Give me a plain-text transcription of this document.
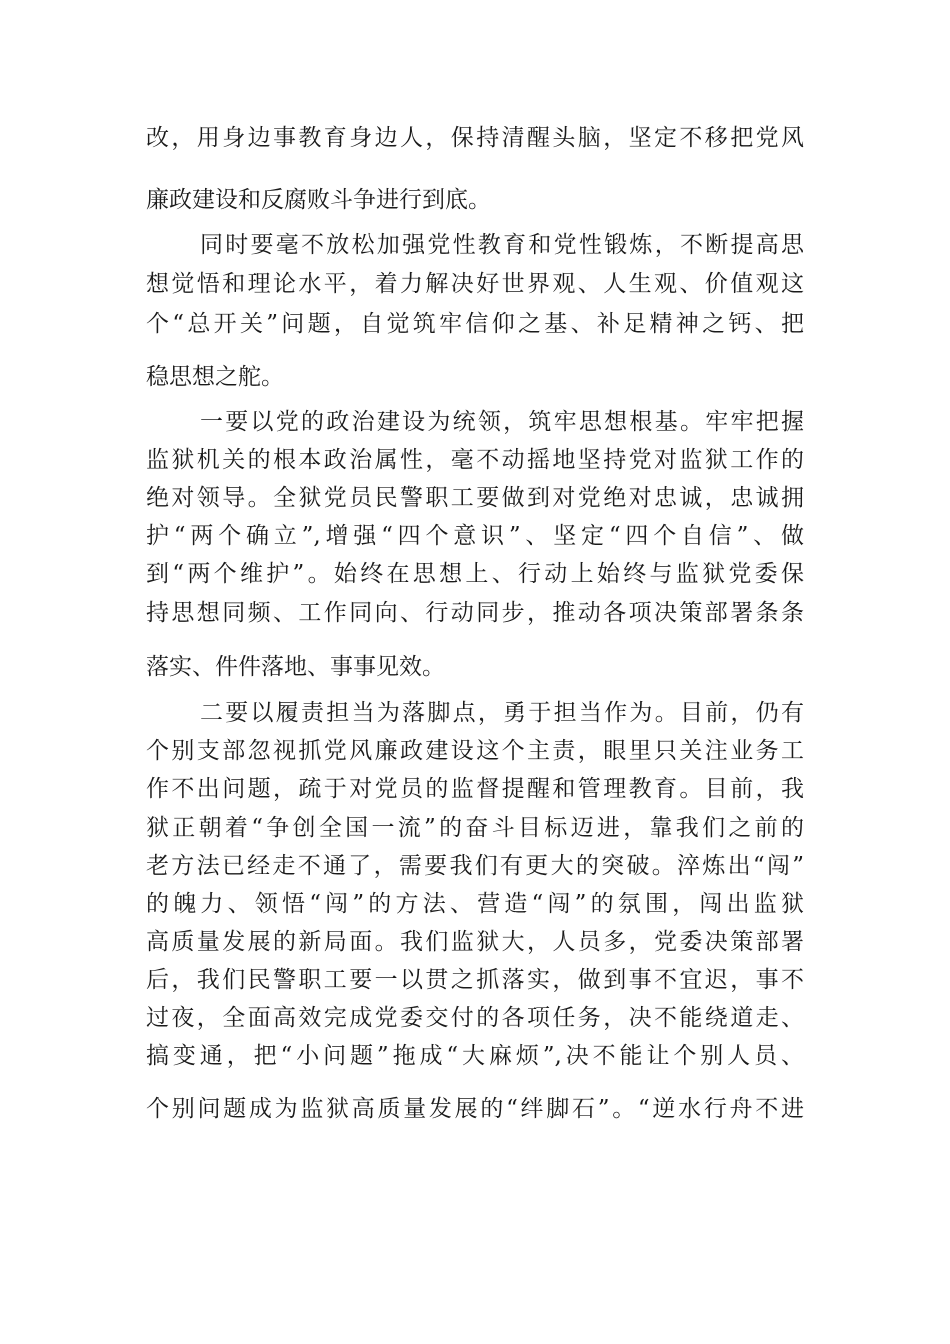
改，用身边事教育身边人，保持清醒头脑，坚定不移把党风
廉政建设和反腐败斗争进行到底。
同时要毫不放松加强党性教育和党性锻炼，不断提高思
想觉悟和理论水平，着力解决好世界观、人生观、价值观这
个“总开关”问题，自觉筑牢信仰之基、补足精神之钙、把
稳思想之舵。
一要以党的政治建设为统领，筑牢思想根基。牢牢把握
监狱机关的根本政治属性，毫不动摇地坚持党对监狱工作的
绝对领导。全狱党员民警职工要做到对党绝对忠诚，忠诚拥
护“两个确立”,增强“四个意识”、坚定“四个自信”、做
到“两个维护”。始终在思想上、行动上始终与监狱党委保
持思想同频、工作同向、行动同步，推动各项决策部署条条
落实、件件落地、事事见效。
二要以履责担当为落脚点，勇于担当作为。目前，仍有
个别支部忽视抓党风廉政建设这个主责，眼里只关注业务工
作不出问题，疏于对党员的监督提醒和管理教育。目前，我
狱正朝着“争创全国一流”的奋斗目标迈进，靠我们之前的
老方法已经走不通了，需要我们有更大的突破。淬炼出“闯”
的魄力、领悟“闯”的方法、营造“闯”的氛围，闯出监狱
高质量发展的新局面。我们监狱大，人员多，党委决策部署
后，我们民警职工要一以贯之抓落实，做到事不宜迟，事不
过夜，全面高效完成党委交付的各项任务，决不能绕道走、
搞变通，把“小问题”拖成“大麻烦”,决不能让个别人员、
个别问题成为监狱高质量发展的“绊脚石”。“逆水行舟不进
